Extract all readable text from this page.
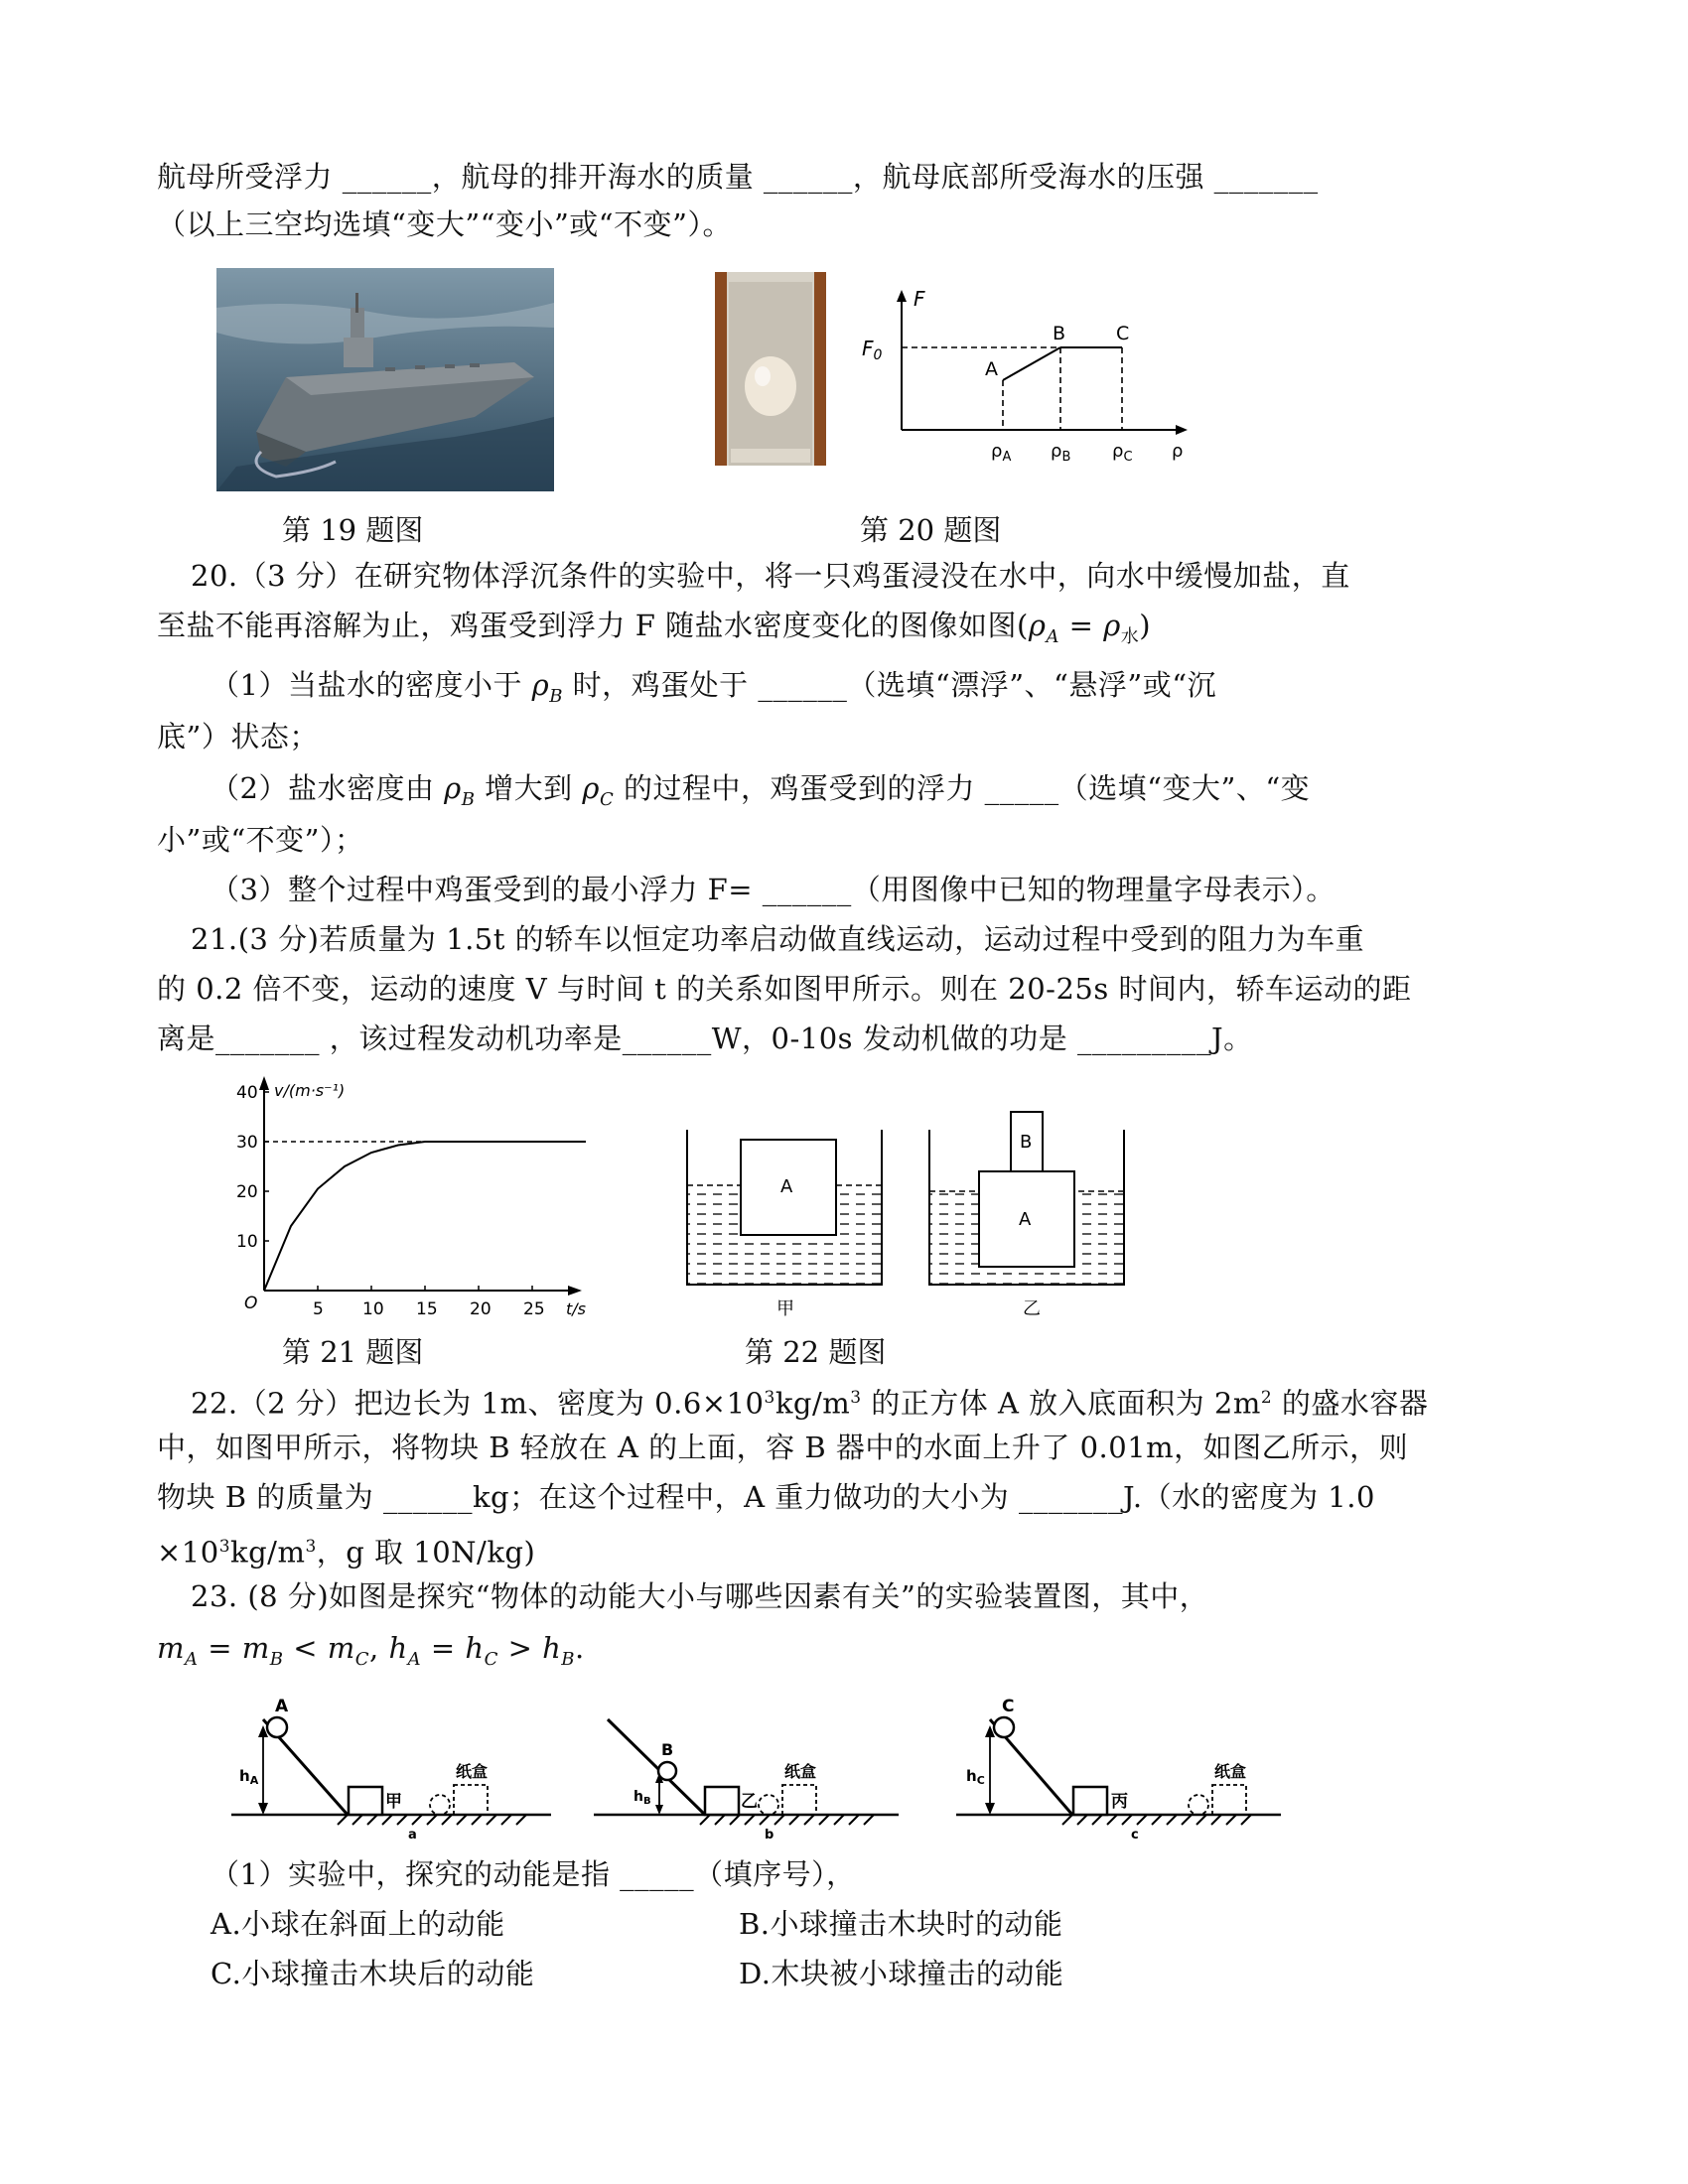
航母所受浮力 ______，航母的排开海水的质量 ______，航母底部所受海水的压强 _______
（以上三空均选填“变大”“变小”或“不变”）。
F
$F_0$
A
B	C
$\rho_A$ $\rho_B$ $\rho_C$ ρ
第 19 题图	第 20 题图
20.（3 分）在研究物体浮沉条件的实验中，将一只鸡蛋浸没在水中，向水中缓慢加盐，直
至盐不能再溶解为止，鸡蛋受到浮力 F 随盐水密度变化的图像如图$(\rho_A = \rho_水)$
（1）当盐水的密度小于 $\rho_B$ 时，鸡蛋处于 ______（选填“漂浮”、“悬浮”或“沉
底”）状态；
（2）盐水密度由 $\rho_B$ 增大到 $\rho_C$ 的过程中，鸡蛋受到的浮力 _____（选填“变大”、“变
小”或“不变”）；
（3）整个过程中鸡蛋受到的最小浮力 F= ______（用图像中已知的物理量字母表示）。
21.(3 分)若质量为 1.5t 的轿车以恒定功率启动做直线运动，运动过程中受到的阻力为车重
的 0.2 倍不变，运动的速度 V 与时间 t 的关系如图甲所示。则在 20-25s 时间内，轿车运动的距
离是_______ ，该过程发动机功率是______W，0-10s 发动机做的功是 _________J。
v/(m·s⁻¹)
t/s
O
10
20
30
40
5 10 15 20 25
A
甲
A
B
乙
第 21 题图	第 22 题图
22.（2 分）把边长为 1m、密度为 $0.6\times 10^3kg/m^3$ 的正方体 A 放入底面积为 $2m^2$ 的盛水容器
中，如图甲所示，将物块 B 轻放在 A 的上面，容 B 器中的水面上升了 0.01m，如图乙所示，则
物块 B 的质量为 ______kg；在这个过程中，A 重力做功的大小为 _______J.（水的密度为 1.0
$\times 10^3kg/m^3$，g 取 10N/kg)
23. (8 分)如图是探究“物体的动能大小与哪些因素有关”的实验装置图，其中，
$m_A = m_B < m_C$, $h_A = h_C > h_B$.
A
$h_A$
甲
纸盒
a
B
$h_B$	乙
纸盒
b
C
$h_C$
丙
纸盒
c
（1）实验中，探究的动能是指 _____（填序号），
A.小球在斜面上的动能	B.小球撞击木块时的动能
C.小球撞击木块后的动能	D.木块被小球撞击的动能
